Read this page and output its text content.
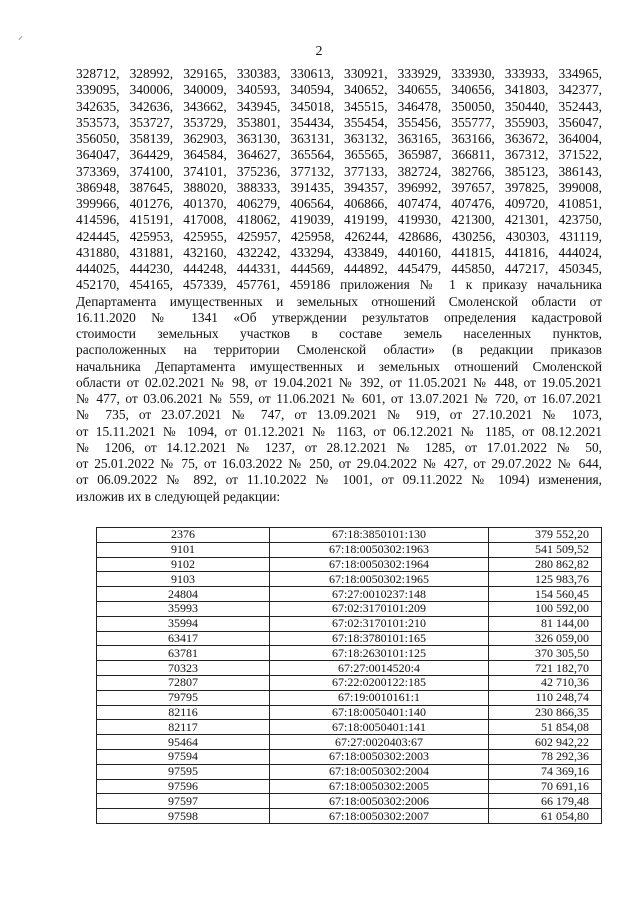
⸝
2

328712, 328992, 329165, 330383, 330613, 330921, 333929, 333930, 333933, 334965,
339095, 340006, 340009, 340593, 340594, 340652, 340655, 340656, 341803, 342377,
342635, 342636, 343662, 343945, 345018, 345515, 346478, 350050, 350440, 352443,
353573, 353727, 353729, 353801, 354434, 355454, 355456, 355777, 355903, 356047,
356050, 358139, 362903, 363130, 363131, 363132, 363165, 363166, 363672, 364004,
364047, 364429, 364584, 364627, 365564, 365565, 365987, 366811, 367312, 371522,
373369, 374100, 374101, 375236, 377132, 377133, 382724, 382766, 385123, 386143,
386948, 387645, 388020, 388333, 391435, 394357, 396992, 397657, 397825, 399008,
399966, 401276, 401370, 406279, 406564, 406866, 407474, 407476, 409720, 410851,
414596, 415191, 417008, 418062, 419039, 419199, 419930, 421300, 421301, 423750,
424445, 425953, 425955, 425957, 425958, 426244, 428686, 430256, 430303, 431119,
431880, 431881, 432160, 432242, 433294, 433849, 440160, 441815, 441816, 444024,
444025, 444230, 444248, 444331, 444569, 444892, 445479, 445850, 447217, 450345,
452170, 454165, 457339, 457761, 459186 приложения № 1 к приказу начальника
Департамента имущественных и земельных отношений Смоленской области от
16.11.2020 № 1341 «Об утверждении результатов определения кадастровой
стоимости земельных участков в составе земель населенных пунктов,
расположенных на территории Смоленской области» (в редакции приказов
начальника Департамента имущественных и земельных отношений Смоленской
области от 02.02.2021 № 98, от 19.04.2021 № 392, от 11.05.2021 № 448, от 19.05.2021
№ 477, от 03.06.2021 № 559, от 11.06.2021 № 601, от 13.07.2021 № 720, от 16.07.2021
№ 735, от 23.07.2021 № 747, от 13.09.2021 № 919, от 27.10.2021 № 1073,
от 15.11.2021 № 1094, от 01.12.2021 № 1163, от 06.12.2021 № 1185, от 08.12.2021
№ 1206, от 14.12.2021 № 1237, от 28.12.2021 № 1285, от 17.01.2022 № 50,
от 25.01.2022 № 75, от 16.03.2022 № 250, от 29.04.2022 № 427, от 29.07.2022 № 644,
от 06.09.2022 № 892, от 11.10.2022 № 1001, от 09.11.2022 № 1094) изменения,
изложив их в следующей редакции:

2376	67:18:3850101:130	379 552,20
9101	67:18:0050302:1963	541 509,52
9102	67:18:0050302:1964	280 862,82
9103	67:18:0050302:1965	125 983,76
24804	67:27:0010237:148	154 560,45
35993	67:02:3170101:209	100 592,00
35994	67:02:3170101:210	81 144,00
63417	67:18:3780101:165	326 059,00
63781	67:18:2630101:125	370 305,50
70323	67:27:0014520:4	721 182,70
72807	67:22:0200122:185	42 710,36
79795	67:19:0010161:1	110 248,74
82116	67:18:0050401:140	230 866,35
82117	67:18:0050401:141	51 854,08
95464	67:27:0020403:67	602 942,22
97594	67:18:0050302:2003	78 292,36
97595	67:18:0050302:2004	74 369,16
97596	67:18:0050302:2005	70 691,16
97597	67:18:0050302:2006	66 179,48
97598	67:18:0050302:2007	61 054,80
